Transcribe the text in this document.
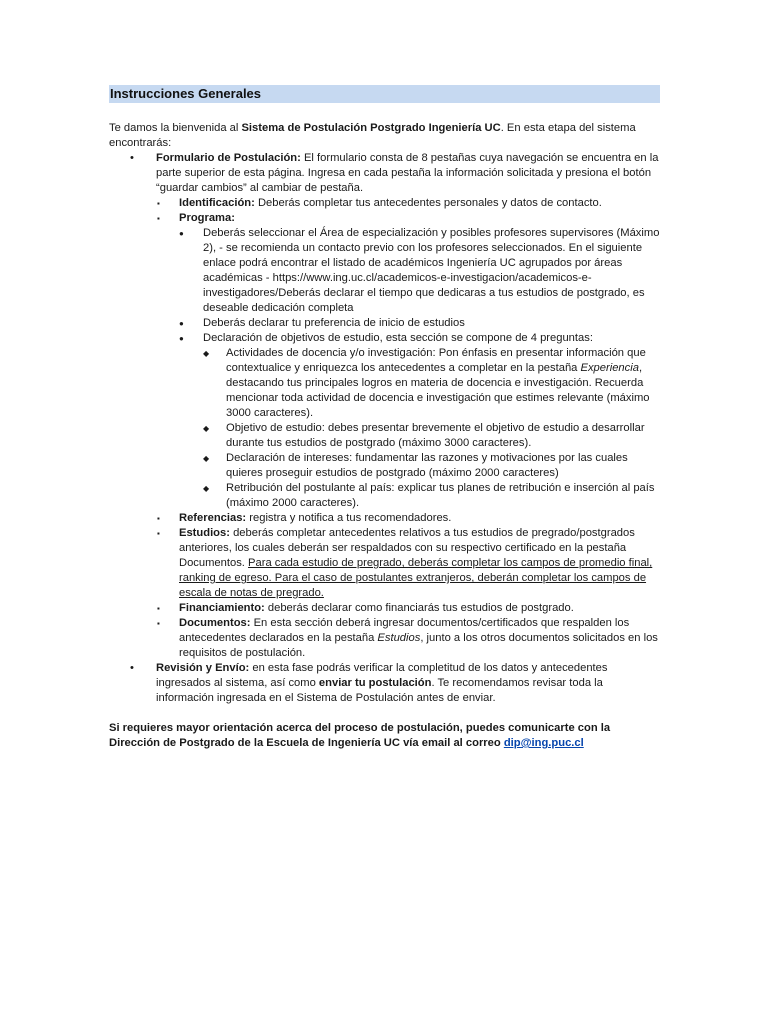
Instrucciones Generales

Te damos la bienvenida al Sistema de Postulación Postgrado Ingeniería UC. En esta etapa del sistema encontrarás:

• Formulario de Postulación: El formulario consta de 8 pestañas cuya navegación se encuentra en la parte superior de esta página. Ingresa en cada pestaña la información solicitada y presiona el botón “guardar cambios” al cambiar de pestaña.
▪ Identificación: Deberás completar tus antecedentes personales y datos de contacto.
▪ Programa:
● Deberás seleccionar el Área de especialización y posibles profesores supervisores (Máximo 2), - se recomienda un contacto previo con los profesores seleccionados. En el siguiente enlace podrá encontrar el listado de académicos Ingeniería UC agrupados por áreas académicas - https://www.ing.uc.cl/academicos-e-investigacion/academicos-e-investigadores/Deberás declarar el tiempo que dedicaras a tus estudios de postgrado, es deseable dedicación completa
● Deberás declarar tu preferencia de inicio de estudios
● Declaración de objetivos de estudio, esta sección se compone de 4 preguntas:
◆ Actividades de docencia y/o investigación: Pon énfasis en presentar información que contextualice y enriquezca los antecedentes a completar en la pestaña Experiencia, destacando tus principales logros en materia de docencia e investigación. Recuerda mencionar toda actividad de docencia e investigación que estimes relevante (máximo 3000 caracteres).
◆ Objetivo de estudio: debes presentar brevemente el objetivo de estudio a desarrollar durante tus estudios de postgrado (máximo 3000 caracteres).
◆ Declaración de intereses: fundamentar las razones y motivaciones por las cuales quieres proseguir estudios de postgrado (máximo 2000 caracteres)
◆ Retribución del postulante al país: explicar tus planes de retribución e inserción al país (máximo 2000 caracteres).
▪ Referencias: registra y notifica a tus recomendadores.
▪ Estudios: deberás completar antecedentes relativos a tus estudios de pregrado/postgrados anteriores, los cuales deberán ser respaldados con su respectivo certificado en la pestaña Documentos. Para cada estudio de pregrado, deberás completar los campos de promedio final, ranking de egreso. Para el caso de postulantes extranjeros, deberán completar los campos de escala de notas de pregrado.
▪ Financiamiento: deberás declarar como financiarás tus estudios de postgrado.
▪ Documentos: En esta sección deberá ingresar documentos/certificados que respalden los antecedentes declarados en la pestaña Estudios, junto a los otros documentos solicitados en los requisitos de postulación.
• Revisión y Envío: en esta fase podrás verificar la completitud de los datos y antecedentes ingresados al sistema, así como enviar tu postulación. Te recomendamos revisar toda la información ingresada en el Sistema de Postulación antes de enviar.

Si requieres mayor orientación acerca del proceso de postulación, puedes comunicarte con la Dirección de Postgrado de la Escuela de Ingeniería UC vía email al correo dip@ing.puc.cl
